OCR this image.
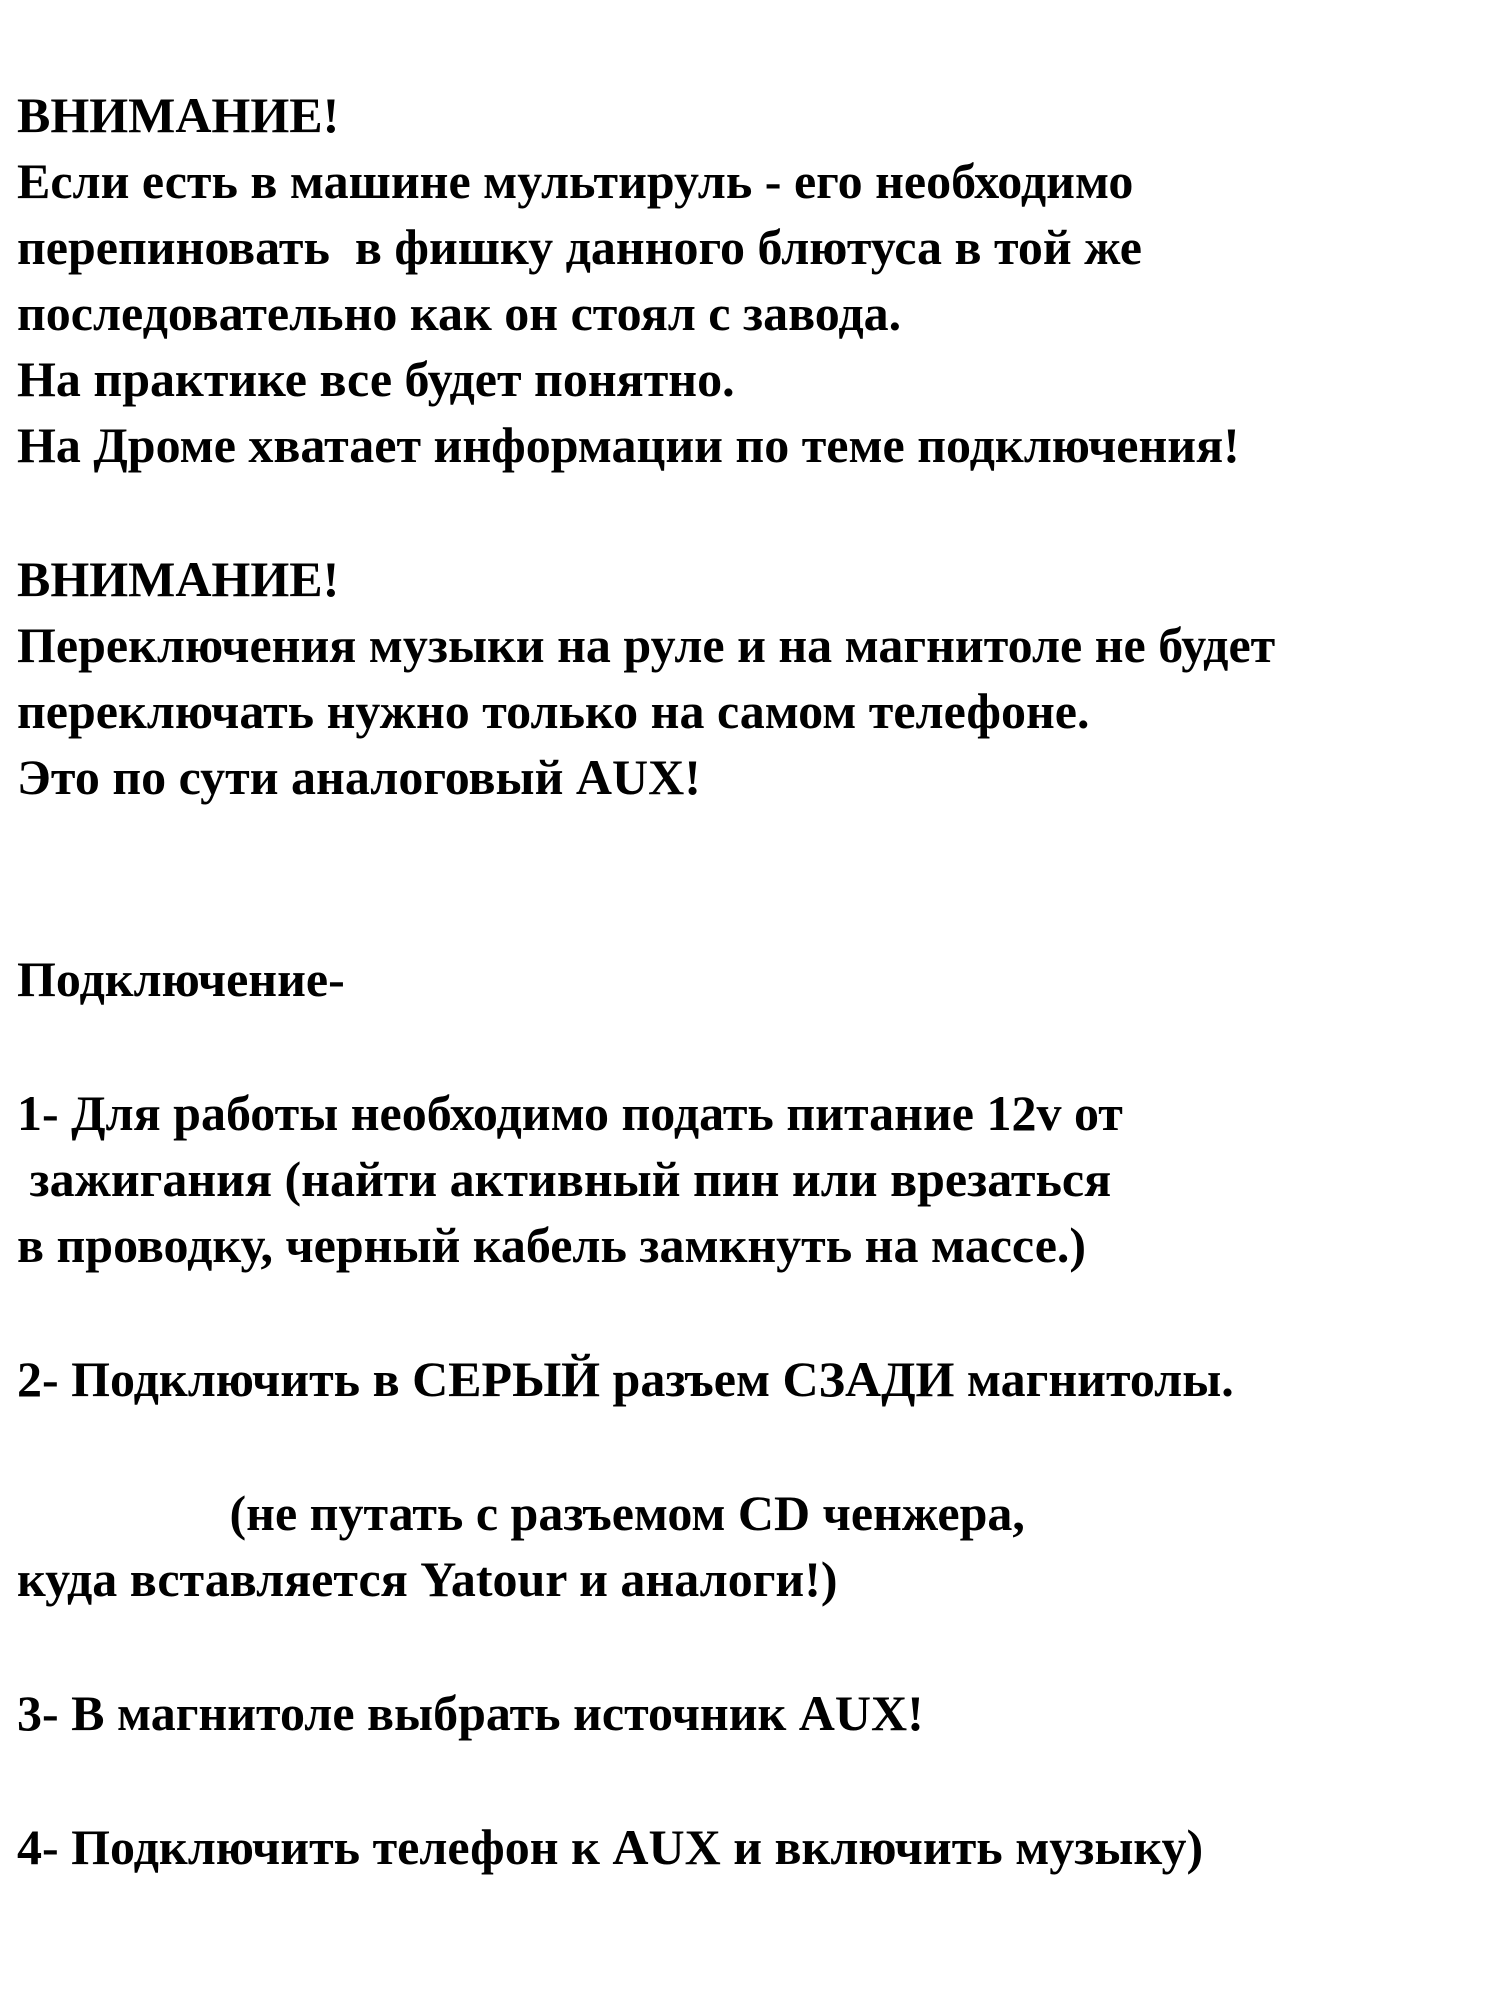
ВНИМАНИЕ!

Если есть в машине мультируль - его необходимо

перепиновать  в фишку данного блютуса в той же

последовательно как он стоял с завода.

На практике все будет понятно.

На Дроме хватает информации по теме подключения!

ВНИМАНИЕ!

Переключения музыки на руле и на магнитоле не будет

переключать нужно только на самом телефоне.

Это по сути аналоговый AUX!

Подключение-

1- Для работы необходимо подать питание 12v от

зажигания (найти активный пин или врезаться

в проводку, черный кабель замкнуть на массе.)

2- Подключить в СЕРЫЙ разъем СЗАДИ магнитолы.

(не путать с разъемом CD ченжера,

куда вставляется Yatour и аналоги!)

3- В магнитоле выбрать источник AUX!

4- Подключить телефон к AUX и включить музыку)
